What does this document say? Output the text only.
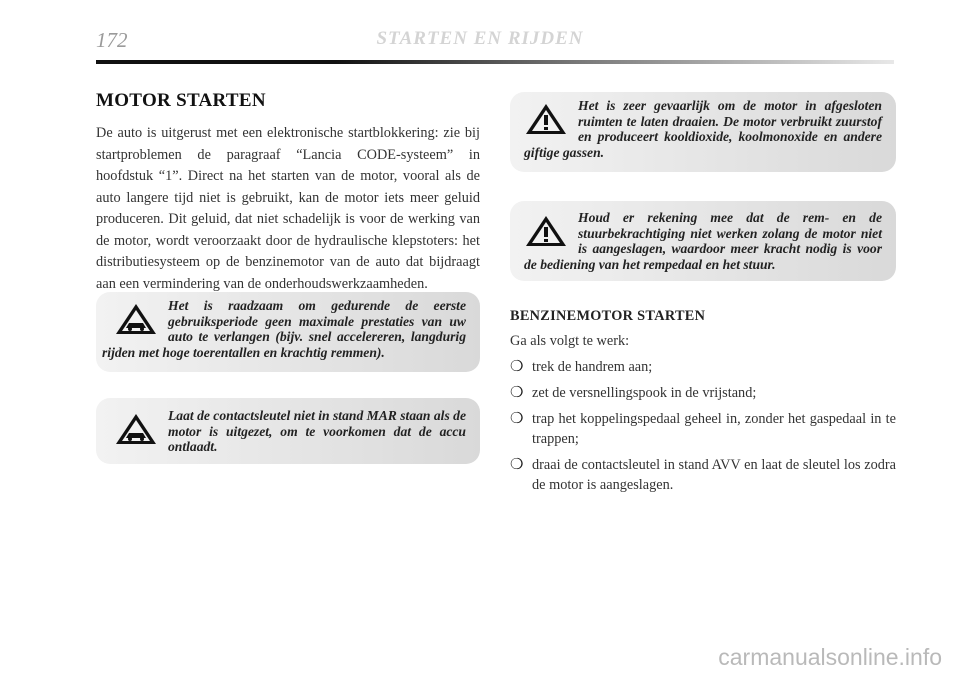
172	STARTEN EN RIJDEN
MOTOR STARTEN

De auto is uitgerust met een elektronische startblokkering: zie bij startproblemen de paragraaf “Lancia CODE-systeem” in hoofdstuk “1”. Direct na het starten van de motor, vooral als de auto langere tijd niet is gebruikt, kan de motor iets meer geluid produceren. Dit geluid, dat niet schadelijk is voor de werking van de motor, wordt veroorzaakt door de hydraulische klepstoters: het distributiesysteem op de benzinemotor van de auto dat bijdraagt aan een vermindering van de onderhoudswerkzaamheden.

Het is raadzaam om gedurende de eerste gebruiksperiode geen maximale prestaties van uw auto te verlangen (bijv. snel accelereren, langdurig rijden met hoge toerentallen en krachtig remmen).

Laat de contactsleutel niet in stand MAR staan als de motor is uitgezet, om te voorkomen dat de accu ontlaadt.

Het is zeer gevaarlijk om de motor in afgesloten ruimten te laten draaien. De motor verbruikt zuurstof en produceert kooldioxide, koolmonoxide en andere giftige gassen.

Houd er rekening mee dat de rem- en de stuurbekrachtiging niet werken zolang de motor niet is aangeslagen, waardoor meer kracht nodig is voor de bediening van het rempedaal en het stuur.

BENZINEMOTOR STARTEN

Ga als volgt te werk:

❍ trek de handrem aan;
❍ zet de versnellingspook in de vrijstand;
❍ trap het koppelingspedaal geheel in, zonder het gaspedaal in te trappen;
❍ draai de contactsleutel in stand AVV en laat de sleutel los zodra de motor is aangeslagen.
carmanualsonline.info
